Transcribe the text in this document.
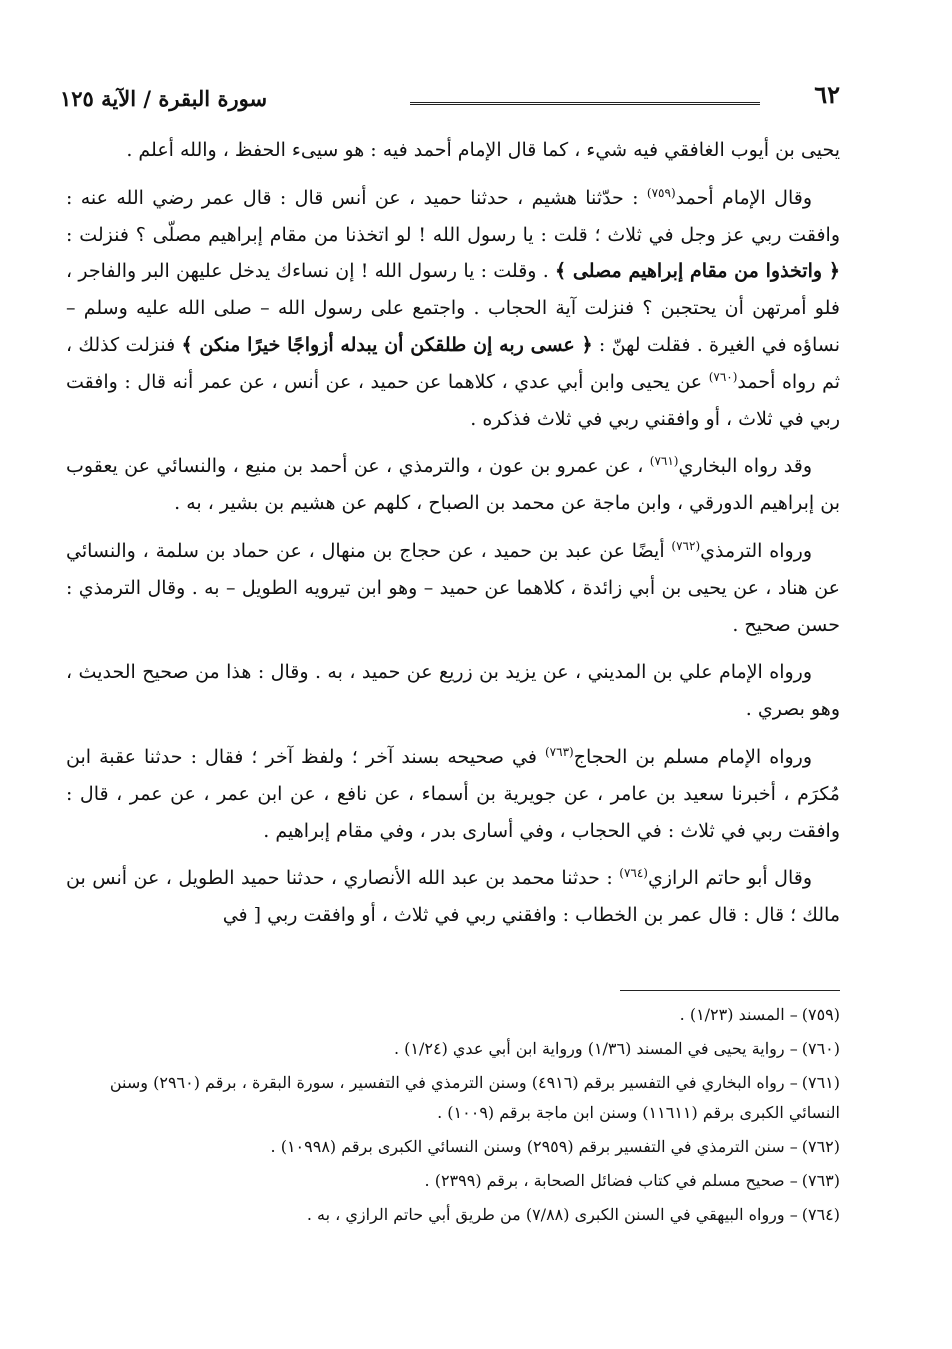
٦٢
سورة البقرة / الآية ١٢٥

يحيى بن أيوب الغافقي فيه شيء ، كما قال الإمام أحمد فيه : هو سيىء الحفظ ، والله أعلم .

وقال الإمام أحمد$^{(٧٥٩)}$ : حدّثنا هشيم ، حدثنا حميد ، عن أنس قال : قال عمر رضي الله عنه : وافقت ربي عز وجل في ثلاث ؛ قلت : يا رسول الله ! لو اتخذنا من مقام إبراهيم مصلّى ؟ فنزلت : ﴿ واتخذوا من مقام إبراهيم مصلى ﴾ . وقلت : يا رسول الله ! إن نساءك يدخل عليهن البر والفاجر ، فلو أمرتهن أن يحتجبن ؟ فنزلت آية الحجاب . واجتمع على رسول الله – صلى الله عليه وسلم – نساؤه في الغيرة . فقلت لهنّ : ﴿ عسى ربه إن طلقكن أن يبدله أزواجًا خيرًا منكن ﴾ فنزلت كذلك ، ثم رواه أحمد$^{(٧٦٠)}$ عن يحيى وابن أبي عدي ، كلاهما عن حميد ، عن أنس ، عن عمر أنه قال : وافقت ربي في ثلاث ، أو وافقني ربي في ثلاث فذكره .

وقد رواه البخاري$^{(٧٦١)}$ ، عن عمرو بن عون ، والترمذي ، عن أحمد بن منيع ، والنسائي عن يعقوب بن إبراهيم الدورقي ، وابن ماجة عن محمد بن الصباح ، كلهم عن هشيم بن بشير ، به .

ورواه الترمذي$^{(٧٦٢)}$ أيضًا عن عبد بن حميد ، عن حجاج بن منهال ، عن حماد بن سلمة ، والنسائي عن هناد ، عن يحيى بن أبي زائدة ، كلاهما عن حميد – وهو ابن تيرويه الطويل – به . وقال الترمذي : حسن صحيح .

ورواه الإمام علي بن المديني ، عن يزيد بن زريع عن حميد ، به . وقال : هذا من صحيح الحديث ، وهو بصري .

ورواه الإمام مسلم بن الحجاج$^{(٧٦٣)}$ في صحيحه بسند آخر ؛ ولفظ آخر ؛ فقال : حدثنا عقبة ابن مُكرَم ، أخبرنا سعيد بن عامر ، عن جويرية بن أسماء ، عن نافع ، عن ابن عمر ، عن عمر ، قال : وافقت ربي في ثلاث : في الحجاب ، وفي أسارى بدر ، وفي مقام إبراهيم .

وقال أبو حاتم الرازي$^{(٧٦٤)}$ : حدثنا محمد بن عبد الله الأنصاري ، حدثنا حميد الطويل ، عن أنس بن مالك ؛ قال : قال عمر بن الخطاب : وافقني ربي في ثلاث ، أو وافقت ربي [ في

(٧٥٩)– المسند (١/٢٣) .
(٧٦٠)– رواية يحيى في المسند (١/٣٦) ورواية ابن أبي عدي (١/٢٤) .
(٧٦١)– رواه البخاري في التفسير برقم (٤٩١٦) وسنن الترمذي في التفسير ، سورة البقرة ، برقم (٢٩٦٠) وسنن النسائي الكبرى برقم (١١٦١١) وسنن ابن ماجة برقم (١٠٠٩) .
(٧٦٢)– سنن الترمذي في التفسير برقم (٢٩٥٩) وسنن النسائي الكبرى برقم (١٠٩٩٨) .
(٧٦٣)– صحيح مسلم في كتاب فضائل الصحابة ، برقم (٢٣٩٩) .
(٧٦٤)– ورواه البيهقي في السنن الكبرى (٧/٨٨) من طريق أبي حاتم الرازي ، به .
